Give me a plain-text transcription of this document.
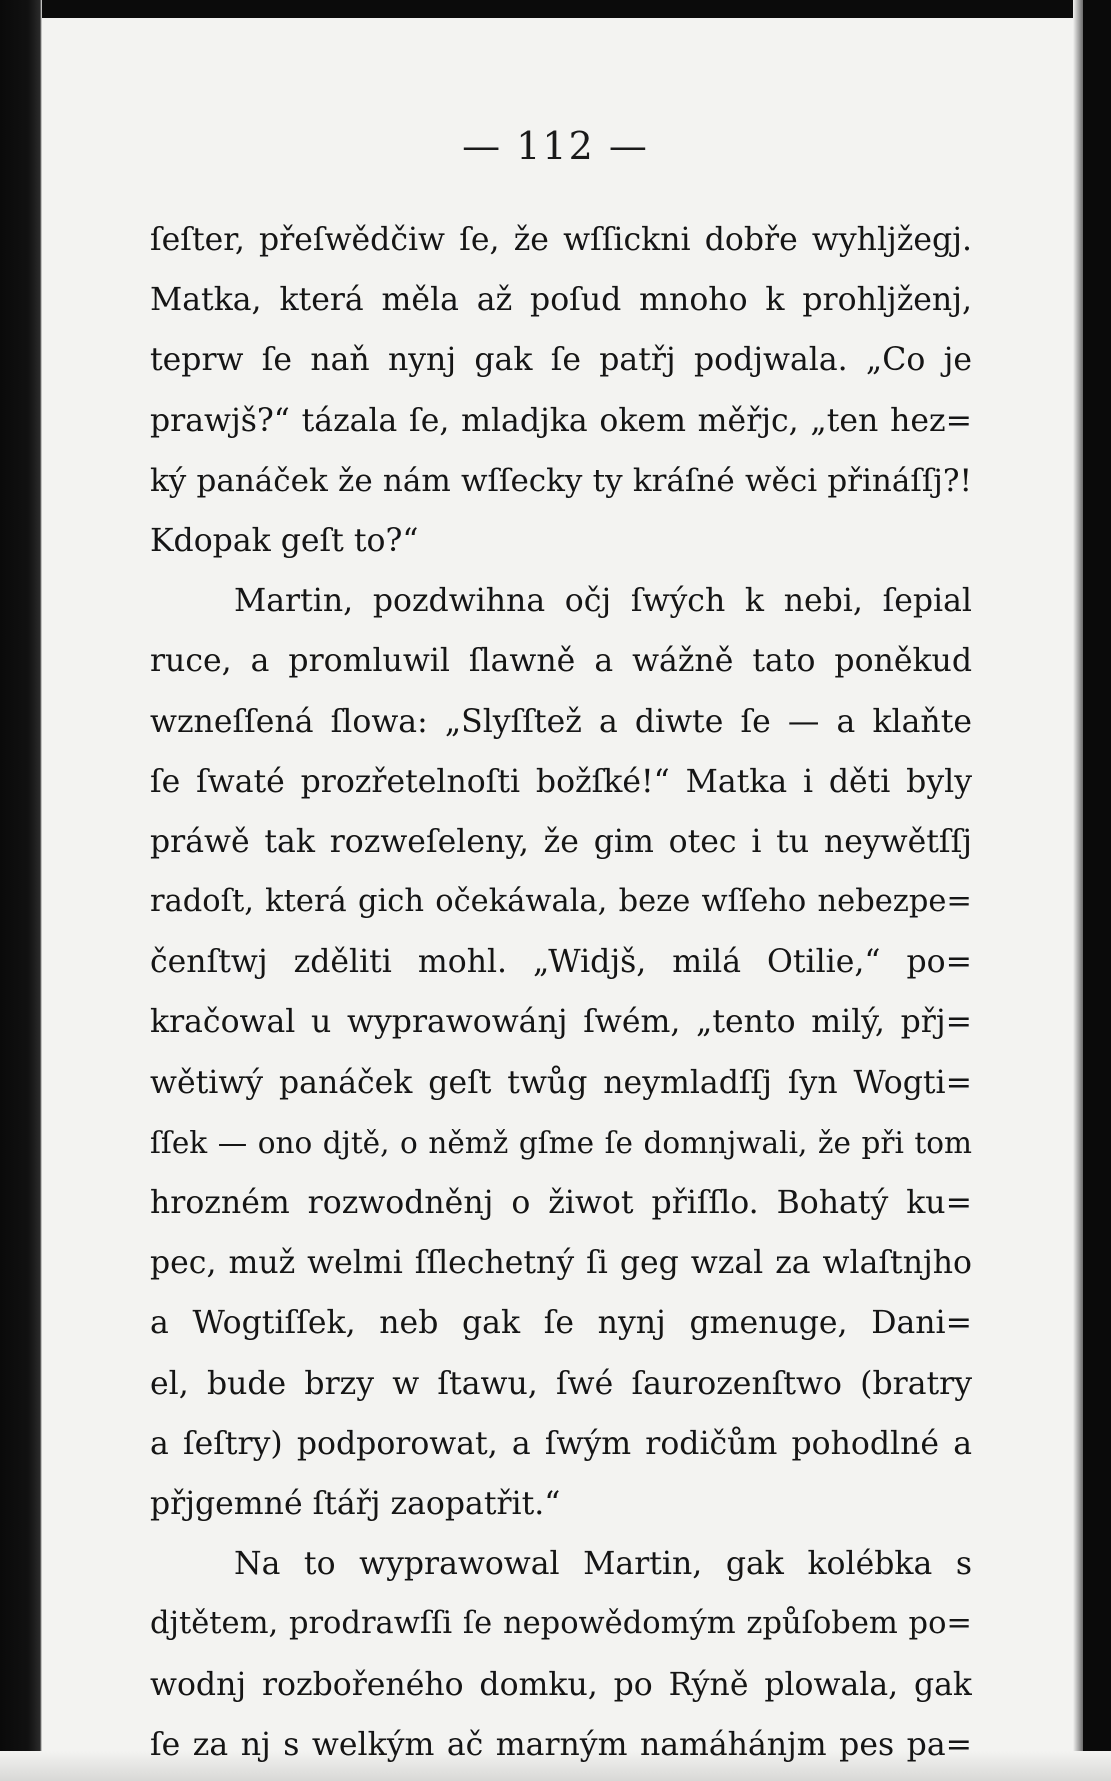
— 112 —
ſeſter, přeſwědčiw ſe, že wſſickni dobře wyhljžegj.
Matka, která měla až poſud mnoho k prohljženj,
teprw ſe naň nynj gak ſe patřj podjwala. „Co je
prawjš?“ tázala ſe, mladjka okem měřjc, „ten hez=
ký panáček že nám wſſecky ty kráſné wěci přináſſj?!
Kdopak geſt to?“
Martin, pozdwihna očj ſwých k nebi, ſepial
ruce, a promluwil ſlawně a wážně tato poněkud
wzneſſená ſlowa: „Slyſſtež a diwte ſe — a klaňte
ſe ſwaté prozřetelnoſti božſké!“ Matka i děti byly
práwě tak rozweſeleny, že gim otec i tu neywětſſj
radoſt, která gich očekáwala, beze wſſeho nebezpe=
čenſtwj zděliti mohl. „Widjš, milá Otilie,“ po=
kračowal u wyprawowánj ſwém, „tento milý, přj=
wětiwý panáček geſt twůg neymladſſj ſyn Wogti=
ſſek — ono djtě, o němž gſme ſe domnjwali, že při tom
hrozném rozwodněnj o žiwot přiſſlo. Bohatý ku=
pec, muž welmi ſſlechetný ſi geg wzal za wlaſtnjho
a Wogtiſſek, neb gak ſe nynj gmenuge, Dani=
el, bude brzy w ſtawu, ſwé ſaurozenſtwo (bratry
a ſeſtry) podporowat, a ſwým rodičům pohodlné a
přjgemné ſtářj zaopatřit.“
Na to wyprawowal Martin, gak kolébka s
djtětem, prodrawſſi ſe nepowědomým způſobem po=
wodnj rozbořeného domku, po Rýně plowala, gak
ſe za nj s welkým ač marným namáhánjm pes pa=
